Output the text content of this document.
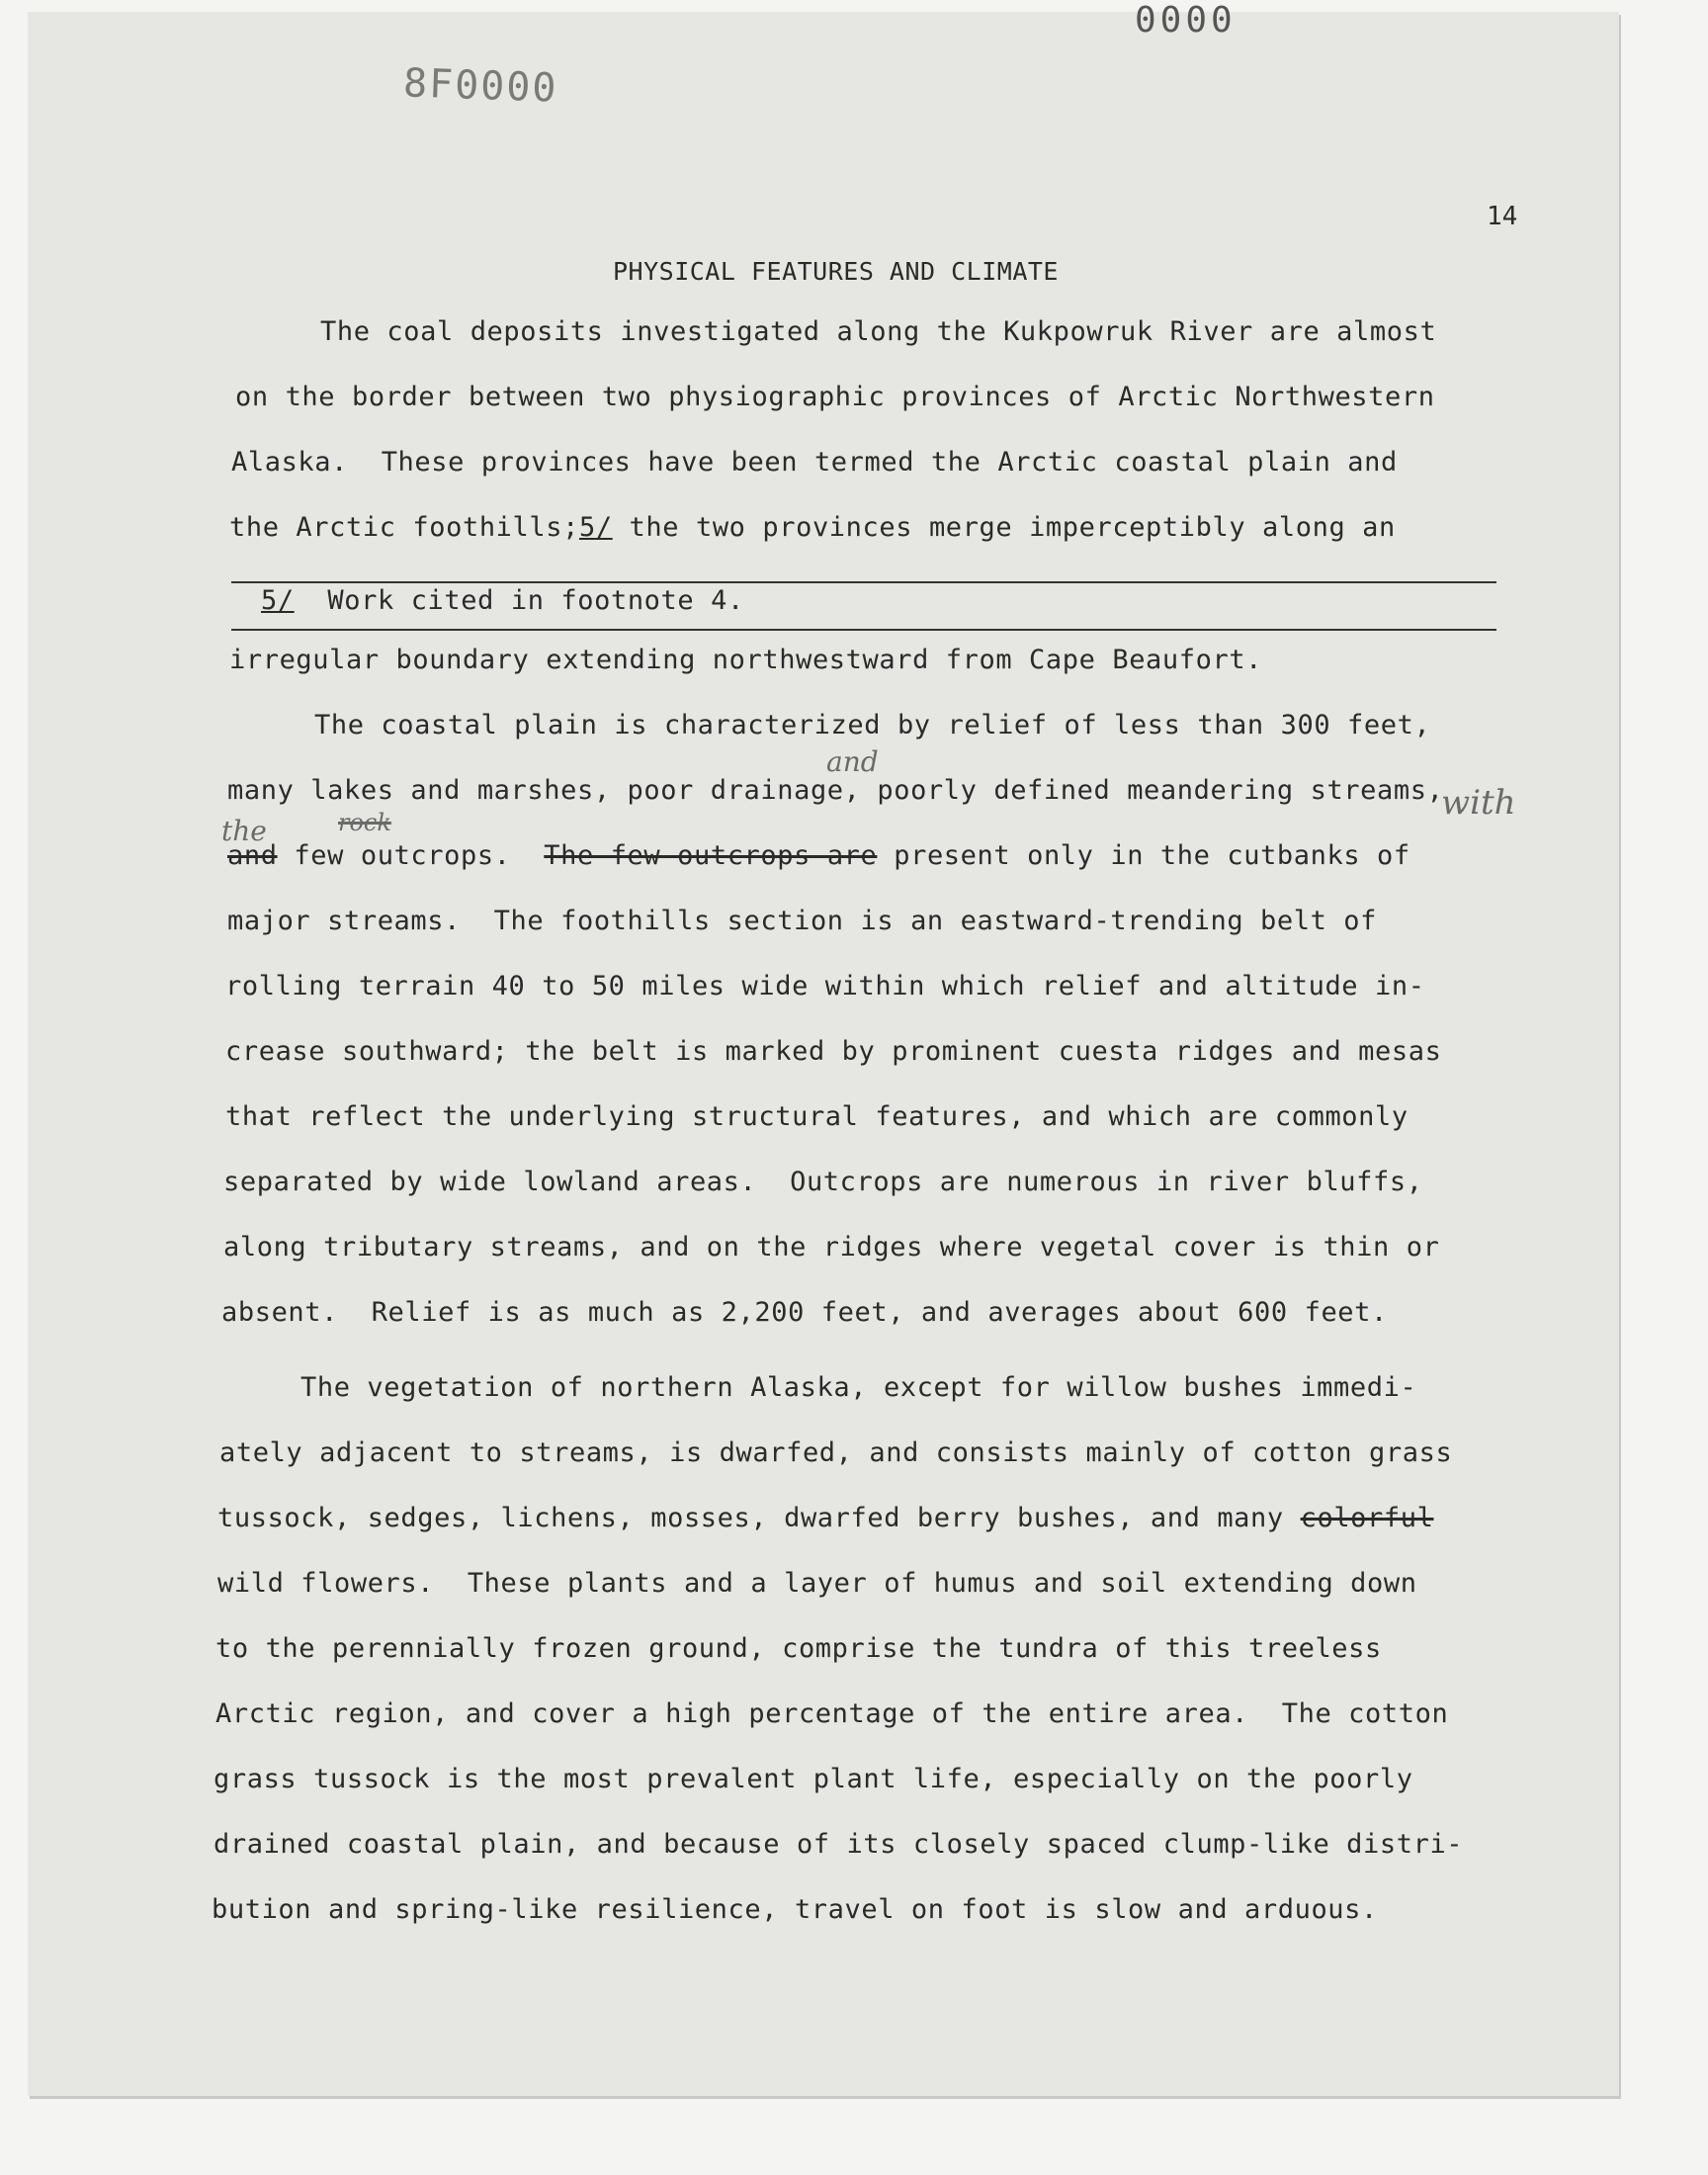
0000
8F0000
14
PHYSICAL FEATURES AND CLIMATE
The coal deposits investigated along the Kukpowruk River are almost
on the border between two physiographic provinces of Arctic Northwestern
Alaska.  These provinces have been termed the Arctic coastal plain and
the Arctic foothills;5/ the two provinces merge imperceptibly along an
5/  Work cited in footnote 4.
irregular boundary extending northwestward from Cape Beaufort.
The coastal plain is characterized by relief of less than 300 feet,
and
many lakes and marshes, poor drainage, poorly defined meandering streams,
with
the	rock
and few outcrops. The few outcrops are present only in the cutbanks of
major streams.  The foothills section is an eastward-trending belt of
rolling terrain 40 to 50 miles wide within which relief and altitude in-
crease southward; the belt is marked by prominent cuesta ridges and mesas
that reflect the underlying structural features, and which are commonly
separated by wide lowland areas.  Outcrops are numerous in river bluffs,
along tributary streams, and on the ridges where vegetal cover is thin or
absent.  Relief is as much as 2,200 feet, and averages about 600 feet.
The vegetation of northern Alaska, except for willow bushes immedi-
ately adjacent to streams, is dwarfed, and consists mainly of cotton grass
tussock, sedges, lichens, mosses, dwarfed berry bushes, and many colorful
wild flowers.  These plants and a layer of humus and soil extending down
to the perennially frozen ground, comprise the tundra of this treeless
Arctic region, and cover a high percentage of the entire area.  The cotton
grass tussock is the most prevalent plant life, especially on the poorly
drained coastal plain, and because of its closely spaced clump-like distri-
bution and spring-like resilience, travel on foot is slow and arduous.
